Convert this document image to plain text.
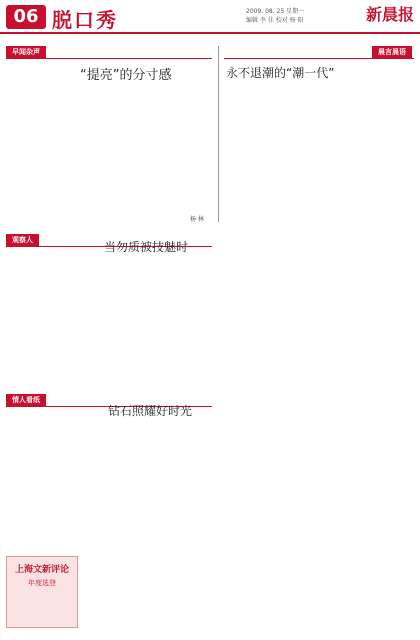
06 脱口秀	2009. 08. 25 星期一
编辑 李 佳 校对 杨 阳	新晨报
早闻杂声
“提亮”的分寸感
杨 林
晨言晨语
永不退潮的“潮一代”
观察人	当勿质被技魅时
情人看纸
钻石照耀好时光
上海文新评论
年度选登
